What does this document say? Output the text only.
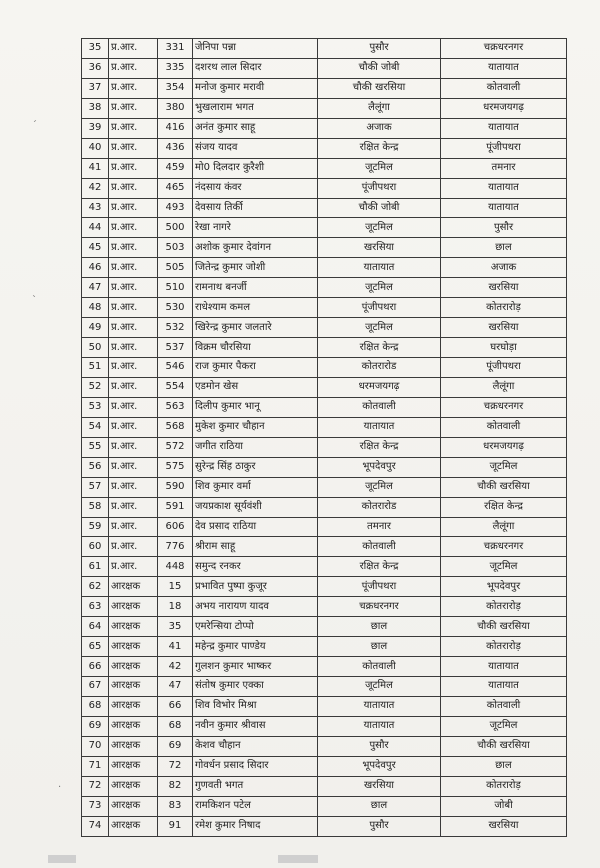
ˊ
ˋ
·
35	प्र.आर.	331	जेनिपा पन्ना	पुसौर	चक्रधरनगर
36	प्र.आर.	335	दशरथ लाल सिदार	चौकी जोबी	यातायात
37	प्र.आर.	354	मनोज कुमार मरावी	चौकी खरसिया	कोतवाली
38	प्र.आर.	380	भुखलाराम भगत	लैलूंगा	धरमजयगढ़
39	प्र.आर.	416	अनंत कुमार साहू	अजाक	यातायात
40	प्र.आर.	436	संजय यादव	रक्षित केन्द्र	पूंजीपथरा
41	प्र.आर.	459	मो0 दिलदार कुरैशी	जूटमिल	तमनार
42	प्र.आर.	465	नंदसाय कंवर	पूंजीपथरा	यातायात
43	प्र.आर.	493	देवसाय तिर्की	चौकी जोबी	यातायात
44	प्र.आर.	500	रेखा नागरे	जूटमिल	पुसौर
45	प्र.आर.	503	अशोक कुमार देवांगन	खरसिया	छाल
46	प्र.आर.	505	जितेन्द्र कुमार जोशी	यातायात	अजाक
47	प्र.आर.	510	रामनाथ बनर्जी	जूटमिल	खरसिया
48	प्र.आर.	530	राधेश्याम कमल	पूंजीपथरा	कोतरारोड़
49	प्र.आर.	532	खिरेन्द्र कुमार जलतारे	जूटमिल	खरसिया
50	प्र.आर.	537	विक्रम चौरसिया	रक्षित केन्द्र	घरघोड़ा
51	प्र.आर.	546	राज कुमार पैकरा	कोतरारोड	पूंजीपथरा
52	प्र.आर.	554	एडमोन खेस	धरमजयगढ़	लैलूंगा
53	प्र.आर.	563	दिलीप कुमार भानू	कोतवाली	चक्रधरनगर
54	प्र.आर.	568	मुकेश कुमार चौहान	यातायात	कोतवाली
55	प्र.आर.	572	जगीत राठिया	रक्षित केन्द्र	धरमजयगढ़
56	प्र.आर.	575	सुरेन्द्र सिंह ठाकुर	भूपदेवपुर	जूटमिल
57	प्र.आर.	590	शिव कुमार वर्मा	जूटमिल	चौकी खरसिया
58	प्र.आर.	591	जयप्रकाश सूर्यवंशी	कोतरारोड	रक्षित केन्द्र
59	प्र.आर.	606	देव प्रसाद राठिया	तमनार	लैलूंगा
60	प्र.आर.	776	श्रीराम साहू	कोतवाली	चक्रधरनगर
61	प्र.आर.	448	समुन्द रनकर	रक्षित केन्द्र	जूटमिल
62	आरक्षक	15	प्रभावित पुष्पा कुजूर	पूंजीपथरा	भूपदेवपुर
63	आरक्षक	18	अभय नारायण यादव	चक्रधरनगर	कोतरारोड़
64	आरक्षक	35	एमरेन्सिया टोप्पो	छाल	चौकी खरसिया
65	आरक्षक	41	महेन्द्र कुमार पाण्डेय	छाल	कोतरारोड़
66	आरक्षक	42	गुलशन कुमार भाष्कर	कोतवाली	यातायात
67	आरक्षक	47	संतोष कुमार एक्का	जूटमिल	यातायात
68	आरक्षक	66	शिव विभोर मिश्रा	यातायात	कोतवाली
69	आरक्षक	68	नवीन कुमार श्रीवास	यातायात	जूटमिल
70	आरक्षक	69	केशव चौहान	पुसौर	चौकी खरसिया
71	आरक्षक	72	गोवर्धन प्रसाद सिदार	भूपदेवपुर	छाल
72	आरक्षक	82	गुणवती भगत	खरसिया	कोतरारोड़
73	आरक्षक	83	रामकिशन पटेल	छाल	जोबी
74	आरक्षक	91	रमेश कुमार निषाद	पुसौर	खरसिया
